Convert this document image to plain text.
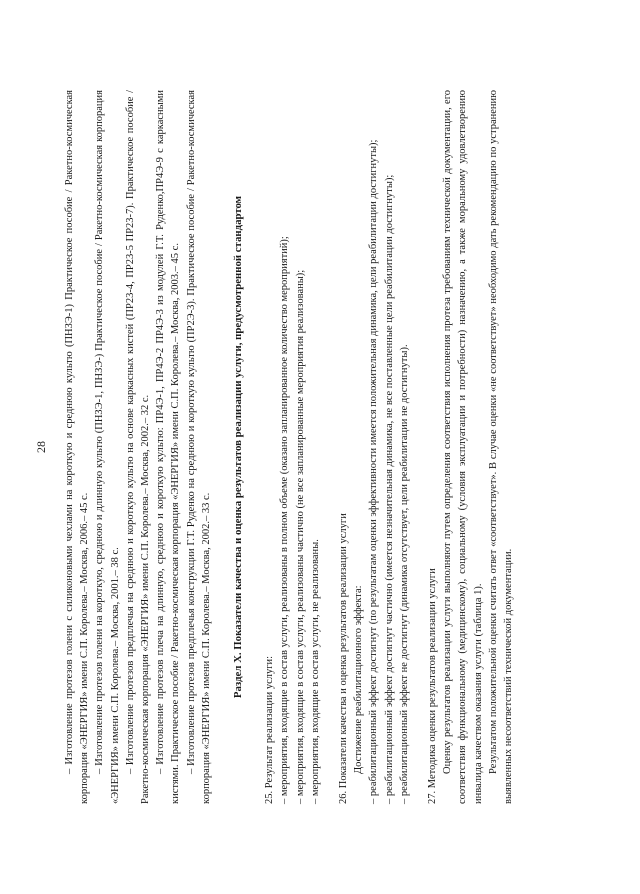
28 – Изготовление протезов голени с силиконовыми чехлами на короткую и среднюю культю (ПНЗЭ-1) Практическое пособие / Ракетно-космическая корпорация «ЭНЕРГИЯ» имени С.П. Королева.– Москва, 2006.– 45 с. – Изготовление протезов голени на короткую, среднюю и длинную культю (ПНЗЭ-1, ПНЗЭ-) Практическое пособие / Ракетно-космическая корпорация «ЭНЕРГИЯ» имени С.П. Королева.– Москва, 2001.– 38 с. – Изготовление протезов предплечья на среднюю и короткую культю на основе каркасных кистей (ПР23-4, ПР23-5 ПР23-7). Практическое пособие / Ракетно-космическая корпорация «ЭНЕРГИЯ» имени С.П. Королева.– Москва, 2002.– 32 с. – Изготовление протезов плеча на длинную, среднюю и короткую культю: ПР4Э-1, ПР4Э-2 ПР4Э-3 из модулей Г.Т. Руденко,ПР4Э-9 с каркасными кистями. Практическое пособие / Ракетно-космическая корпорация «ЭНЕРГИЯ» имени С.П. Королева.– Москва, 2003.– 45 с. – Изготовление протезов предплечья конструкции Г.Т. Руденко на среднюю и короткую культю (ПР2Э-3). Практическое пособие / Ракетно-космическая корпорация «ЭНЕРГИЯ» имени С.П. Королева.– Москва, 2002.– 33 с. Раздел X. Показатели качества и оценка результатов реализации услуги, предусмотренной стандартом

25. Результат реализации услуги: – мероприятия, входящие в состав услуги, реализованы в полном объеме (оказано запланированное количество мероприятий); – мероприятия, входящие в состав услуги, реализованы частично (не все запланированные мероприятия реализованы); – мероприятия, входящие в состав услуги, не реализованы. 26. Показатели качества и оценка результатов реализации услуги Достижение реабилитационного эффекта: – реабилитационный эффект достигнут (по результатам оценки эффективности имеется положительная динамика, цели реабилитации достигнуты); – реабилитационный эффект достигнут частично (имеется незначительная динамика, не все поставленные цели реабилитации достигнуты); – реабилитационный эффект не достигнут (динамика отсутствует, цели реабилитации не достигнуты). 27. Методика оценки результатов реализации услуги Оценку результатов реализации услуги выполняют путем определения соответствия исполнения протеза требованиям технической документации, его соответствия функциональному (медицинскому), социальному (условия эксплуатации и потребности) назначению, а также моральному удовлетворению инвалида качеством оказания услуги (таблица 1). Результатом положительной оценки считать ответ «соответствует». В случае оценки «не соответствует» необходимо дать рекомендацию по устранению выявленных несоответствий технической документации.
